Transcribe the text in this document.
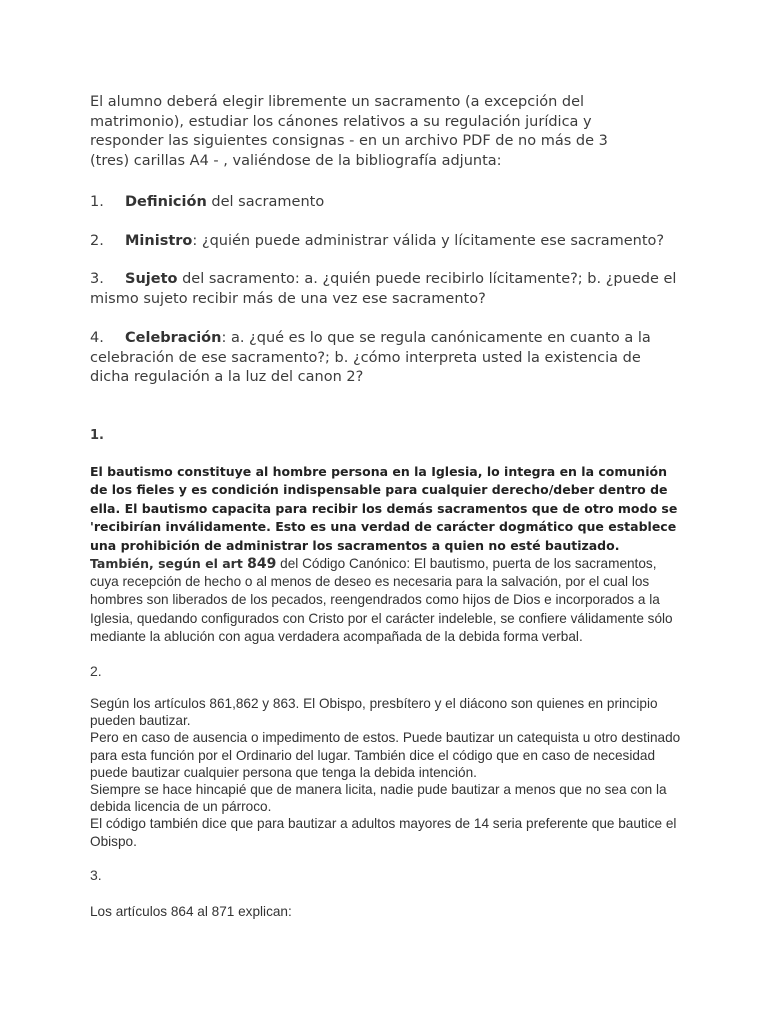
El alumno deberá elegir libremente un sacramento (a excepción del matrimonio), estudiar los cánones relativos a su regulación jurídica y responder las siguientes consignas - en un archivo PDF de no más de 3 (tres) carillas A4 - , valiéndose de la bibliografía adjunta:

1. Definición del sacramento

2. Ministro: ¿quién puede administrar válida y lícitamente ese sacramento?

3. Sujeto del sacramento: a. ¿quién puede recibirlo lícitamente?; b. ¿puede el mismo sujeto recibir más de una vez ese sacramento?

4. Celebración: a. ¿qué es lo que se regula canónicamente en cuanto a la celebración de ese sacramento?; b. ¿cómo interpreta usted la existencia de dicha regulación a la luz del canon 2?

1.

El bautismo constituye al hombre persona en la Iglesia, lo integra en la comunión de los fieles y es condición indispensable para cualquier derecho/deber dentro de ella. El bautismo capacita para recibir los demás sacramentos que de otro modo se 'recibirían inválidamente. Esto es una verdad de carácter dogmático que establece una prohibición de administrar los sacramentos a quien no esté bautizado.

También, según el art 849 del Código Canónico: El bautismo, puerta de los sacramentos, cuya recepción de hecho o al menos de deseo es necesaria para la salvación, por el cual los hombres son liberados de los pecados, reengendrados como hijos de Dios e incorporados a la Iglesia, quedando configurados con Cristo por el carácter indeleble, se confiere válidamente sólo mediante la ablución con agua verdadera acompañada de la debida forma verbal.

2.

Según los artículos 861,862 y 863. El Obispo, presbítero y el diácono son quienes en principio pueden bautizar.

Pero en caso de ausencia o impedimento de estos. Puede bautizar un catequista u otro destinado para esta función por el Ordinario del lugar. También dice el código que en caso de necesidad puede bautizar cualquier persona que tenga la debida intención.

Siempre se hace hincapié que de manera licita, nadie pude bautizar a menos que no sea con la debida licencia de un párroco.

El código también dice que para bautizar a adultos mayores de 14 seria preferente que bautice el Obispo.

3.

Los artículos 864 al 871 explican:
